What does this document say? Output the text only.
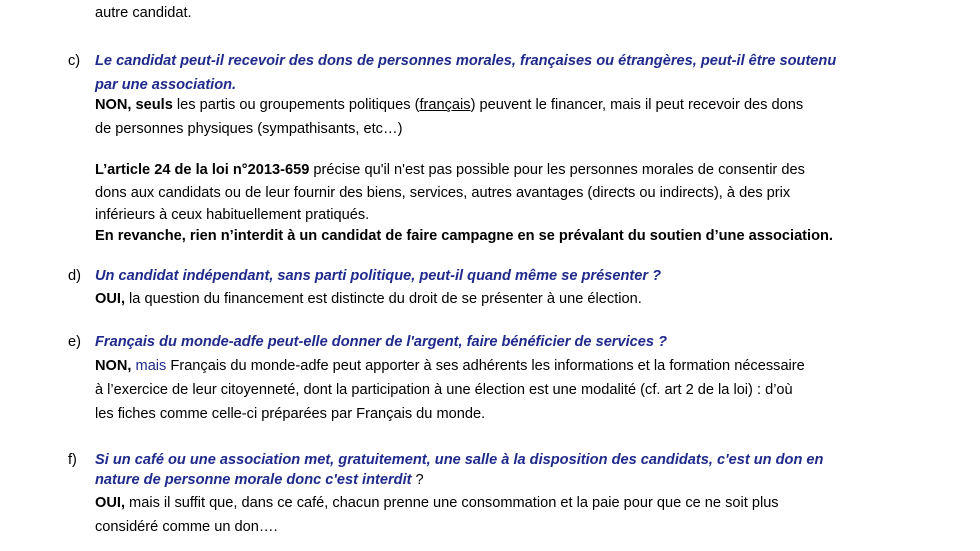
autre candidat.
c) Le candidat peut-il recevoir des dons de personnes morales, françaises ou étrangères, peut-il être soutenu
par une association.
NON, seuls les partis ou groupements politiques (français) peuvent le financer, mais il peut recevoir des dons
de personnes physiques (sympathisants, etc…)
L’article 24 de la loi n°2013-659 précise qu'il n'est pas possible pour les personnes morales de consentir des
dons aux candidats ou de leur fournir des biens, services, autres avantages (directs ou indirects), à des prix
inférieurs à ceux habituellement pratiqués.
En revanche, rien n’interdit à un candidat de faire campagne en se prévalant du soutien d’une association.
d) Un candidat indépendant, sans parti politique, peut-il quand même se présenter ?
OUI, la question du financement est distincte du droit de se présenter à une élection.
e) Français du monde-adfe peut-elle donner de l'argent, faire bénéficier de services ?
NON, mais Français du monde-adfe peut apporter à ses adhérents les informations et la formation nécessaire
à l’exercice de leur citoyenneté, dont la participation à une élection est une modalité (cf. art 2 de la loi) : d’où
les fiches comme celle-ci préparées par Français du monde.
f) Si un café ou une association met, gratuitement, une salle à la disposition des candidats, c'est un don en
nature de personne morale donc c'est interdit ?
OUI, mais il suffit que, dans ce café, chacun prenne une consommation et la paie pour que ce ne soit plus
considéré comme un don….
